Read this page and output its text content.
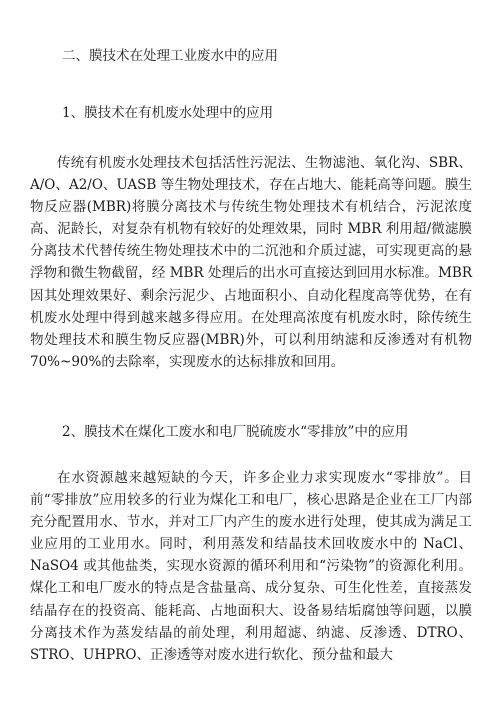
二、膜技术在处理工业废水中的应用
1、膜技术在有机废水处理中的应用

传统有机废水处理技术包括活性污泥法、生物滤池、氧化沟、SBR、A/O、A2/O、UASB 等生物处理技术，存在占地大、能耗高等问题。膜生物反应器(MBR)将膜分离技术与传统生物处理技术有机结合，污泥浓度高、泥龄长，对复杂有机物有较好的处理效果，同时 MBR 利用超/微滤膜分离技术代替传统生物处理技术中的二沉池和介质过滤，可实现更高的悬浮物和微生物截留，经 MBR 处理后的出水可直接达到回用水标准。MBR 因其处理效果好、剩余污泥少、占地面积小、自动化程度高等优势，在有机废水处理中得到越来越多得应用。在处理高浓度有机废水时，除传统生物处理技术和膜生物反应器(MBR)外，可以利用纳滤和反渗透对有机物 70%~90%的去除率，实现废水的达标排放和回用。

2、膜技术在煤化工废水和电厂脱硫废水“零排放”中的应用

在水资源越来越短缺的今天，许多企业力求实现废水“零排放”。目前“零排放”应用较多的行业为煤化工和电厂，核心思路是企业在工厂内部充分配置用水、节水，并对工厂内产生的废水进行处理，使其成为满足工业应用的工业用水。同时，利用蒸发和结晶技术回收废水中的 NaCl、NaSO4 或其他盐类，实现水资源的循环利用和“污染物”的资源化利用。煤化工和电厂废水的特点是含盐量高、成分复杂、可生化性差，直接蒸发结晶存在的投资高、能耗高、占地面积大、设备易结垢腐蚀等问题，以膜分离技术作为蒸发结晶的前处理，利用超滤、纳滤、反渗透、DTRO、STRO、UHPRO、正渗透等对废水进行软化、预分盐和最大
